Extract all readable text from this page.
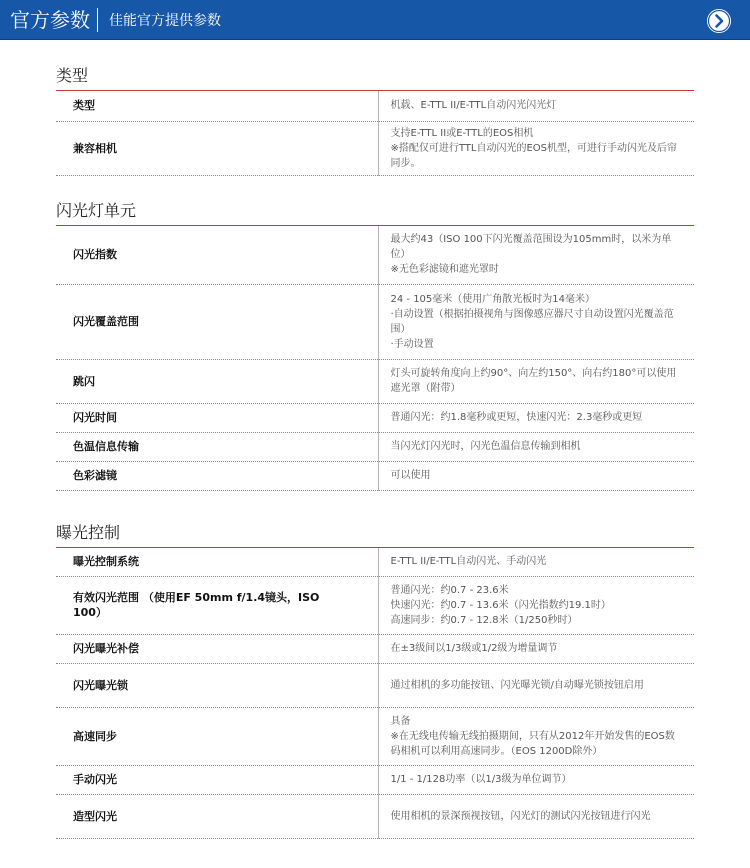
官方参数 佳能官方提供参数
类型
类型	机载、E-TTL II/E-TTL自动闪光闪光灯

兼容相机	支持E-TTL II或E-TTL的EOS相机
※搭配仅可进行TTL自动闪光的EOS机型，可进行手动闪光及后帘同步。
闪光灯单元
闪光指数	最大约43（ISO 100下闪光覆盖范围设为105mm时，以米为单位）
※无色彩滤镜和遮光罩时

闪光覆盖范围	24 - 105毫米（使用广角散光板时为14毫米）
·自动设置（根据拍摄视角与图像感应器尺寸自动设置闪光覆盖范围）
·手动设置

跳闪	灯头可旋转角度向上约90°、向左约150°、向右约180°可以使用遮光罩（附带）

闪光时间	普通闪光：约1.8毫秒或更短，快速闪光：2.3毫秒或更短

色温信息传输	当闪光灯闪光时，闪光色温信息传输到相机

色彩滤镜	可以使用
曝光控制
曝光控制系统	E-TTL II/E-TTL自动闪光、手动闪光

有效闪光范围 （使用EF 50mm f/1.4镜头，ISO 100）	普通闪光：约0.7 - 23.6米
快速闪光：约0.7 - 13.6米（闪光指数约19.1时）
高速同步：约0.7 - 12.8米（1/250秒时）

闪光曝光补偿	在±3级间以1/3级或1/2级为增量调节

闪光曝光锁	通过相机的多功能按钮、闪光曝光锁/自动曝光锁按钮启用

高速同步	具备
※在无线电传输无线拍摄期间，只有从2012年开始发售的EOS数码相机可以利用高速同步。（EOS 1200D除外）

手动闪光	1/1 - 1/128功率（以1/3级为单位调节）

造型闪光	使用相机的景深预视按钮，闪光灯的测试闪光按钮进行闪光
